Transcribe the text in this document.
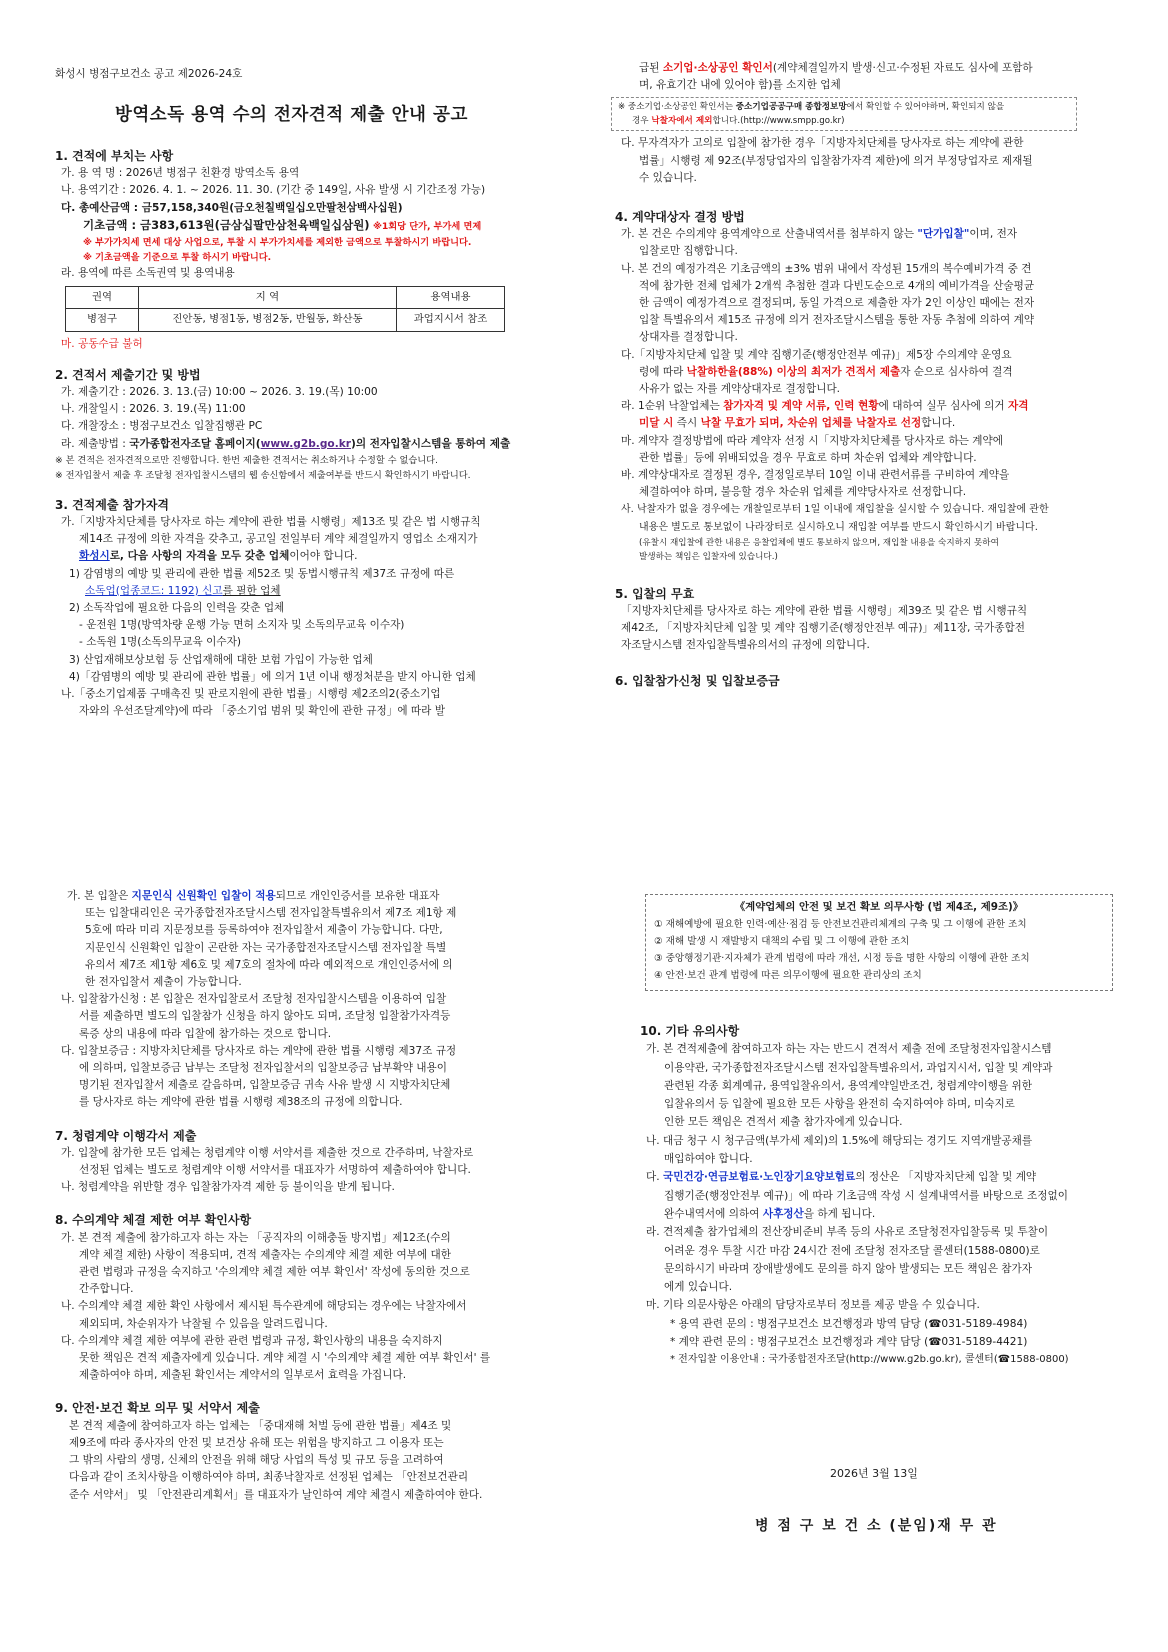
화성시 병점구보건소 공고 제2026-24호
방역소독 용역 수의 전자견적 제출 안내 공고

1. 견적에 부치는 사항

가. 용 역 명 : 2026년 병점구 친환경 방역소독 용역

나. 용역기간 : 2026. 4. 1. ~ 2026. 11. 30. (기간 중 149일, 사유 발생 시 기간조정 가능)

다. 총예산금액 : 금57,158,340원(금오천칠백일십오만팔천삼백사십원)

기초금액 : 금383,613원(금삼십팔만삼천육백일십삼원) ※1회당 단가, 부가세 면제

※ 부가가치세 면세 대상 사업으로, 투찰 시 부가가치세를 제외한 금액으로 투찰하시기 바랍니다.

※ 기초금액을 기준으로 투찰 하시기 바랍니다.

라. 용역에 따른 소독권역 및 용역내용

권역	지 역	용역내용
병점구	진안동, 병점1동, 병점2동, 반월동, 화산동	과업지시서 참조

마. 공동수급 불허

2. 견적서 제출기간 및 방법

가. 제출기간 : 2026. 3. 13.(금) 10:00 ~ 2026. 3. 19.(목) 10:00

나. 개찰일시 : 2026. 3. 19.(목) 11:00

다. 개찰장소 : 병점구보건소 입찰집행관 PC

라. 제출방법 : 국가종합전자조달 홈페이지(www.g2b.go.kr)의 전자입찰시스템을 통하여 제출

※ 본 견적은 전자견적으로만 진행합니다. 한번 제출한 견적서는 취소하거나 수정할 수 없습니다.

※ 전자입찰서 제출 후 조달청 전자입찰시스템의 웹 송신함에서 제출여부를 반드시 확인하시기 바랍니다.

3. 견적제출 참가자격

가.「지방자치단체를 당사자로 하는 계약에 관한 법률 시행령」제13조 및 같은 법 시행규칙

제14조 규정에 의한 자격을 갖추고, 공고일 전일부터 계약 체결일까지 영업소 소재지가

화성시로, 다음 사항의 자격을 모두 갖춘 업체이어야 합니다.

1) 감염병의 예방 및 관리에 관한 법률 제52조 및 동법시행규칙 제37조 규정에 따른

소독업(업종코드: 1192) 신고를 필한 업체

2) 소독작업에 필요한 다음의 인력을 갖춘 업체

- 운전원 1명(방역차량 운행 가능 면허 소지자 및 소독의무교육 이수자)

- 소독원 1명(소독의무교육 이수자)

3) 산업재해보상보험 등 산업재해에 대한 보험 가입이 가능한 업체

4)「감염병의 예방 및 관리에 관한 법률」에 의거 1년 이내 행정처분을 받지 아니한 업체

나.「중소기업제품 구매촉진 및 판로지원에 관한 법률」시행령 제2조의2(중소기업

자와의 우선조달계약)에 따라 「중소기업 범위 및 확인에 관한 규정」에 따라 발

급된 소기업·소상공인 확인서(계약체결일까지 발생·신고·수정된 자료도 심사에 포함하

며, 유효기간 내에 있어야 함)를 소지한 업체

※ 중소기업·소상공인 확인서는 중소기업공공구매 종합정보망에서 확인할 수 있어야하며, 확인되지 않을
경우 낙찰자에서 제외합니다.(http://www.smpp.go.kr)

다. 무자격자가 고의로 입찰에 참가한 경우「지방자치단체를 당사자로 하는 계약에 관한

법률」시행령 제 92조(부정당업자의 입찰참가자격 제한)에 의거 부정당업자로 제재될

수 있습니다.

4. 계약대상자 결정 방법

가. 본 건은 수의계약 용역계약으로 산출내역서를 첨부하지 않는 "단가입찰"이며, 전자

입찰로만 집행합니다.

나. 본 건의 예정가격은 기초금액의 ±3% 범위 내에서 작성된 15개의 복수예비가격 중 견

적에 참가한 전체 업체가 2개씩 추첨한 결과 다빈도순으로 4개의 예비가격을 산술평균

한 금액이 예정가격으로 결정되며, 동일 가격으로 제출한 자가 2인 이상인 때에는 전자

입찰 특별유의서 제15조 규정에 의거 전자조달시스템을 통한 자동 추첨에 의하여 계약

상대자를 결정합니다.

다.「지방자치단체 입찰 및 계약 집행기준(행정안전부 예규)」제5장 수의계약 운영요

령에 따라 낙찰하한율(88%) 이상의 최저가 견적서 제출자 순으로 심사하여 결격

사유가 없는 자를 계약상대자로 결정합니다.

라. 1순위 낙찰업체는 참가자격 및 계약 서류, 인력 현황에 대하여 실무 심사에 의거 자격

미달 시 즉시 낙찰 무효가 되며, 차순위 업체를 낙찰자로 선정합니다.

마. 계약자 결정방법에 따라 계약자 선정 시「지방자치단체를 당사자로 하는 계약에

관한 법률」등에 위배되었을 경우 무효로 하며 차순위 업체와 계약합니다.

바. 계약상대자로 결정된 경우, 결정일로부터 10일 이내 관련서류를 구비하여 계약을

체결하여야 하며, 불응할 경우 차순위 업체를 계약당사자로 선정합니다.

사. 낙찰자가 없을 경우에는 개찰일로부터 1일 이내에 재입찰을 실시할 수 있습니다. 재입찰에 관한

내용은 별도로 통보없이 나라장터로 실시하오니 재입찰 여부를 반드시 확인하시기 바랍니다.

(유찰시 재입찰에 관한 내용은 응찰업체에 별도 통보하지 않으며, 재입찰 내용을 숙지하지 못하여

발생하는 책임은 입찰자에 있습니다.)

5. 입찰의 무효

「지방자치단체를 당사자로 하는 계약에 관한 법률 시행령」제39조 및 같은 법 시행규칙

제42조, 「지방자치단체 입찰 및 계약 집행기준(행정안전부 예규)」제11장, 국가종합전

자조달시스템 전자입찰특별유의서의 규정에 의합니다.

6. 입찰참가신청 및 입찰보증금

가. 본 입찰은 지문인식 신원확인 입찰이 적용되므로 개인인증서를 보유한 대표자

또는 입찰대리인은 국가종합전자조달시스템 전자입찰특별유의서 제7조 제1항 제

5호에 따라 미리 지문정보를 등록하여야 전자입찰서 제출이 가능합니다. 다만,

지문인식 신원확인 입찰이 곤란한 자는 국가종합전자조달시스템 전자입찰 특별

유의서 제7조 제1항 제6호 및 제7호의 절차에 따라 예외적으로 개인인증서에 의

한 전자입찰서 제출이 가능합니다.

나. 입찰참가신청 : 본 입찰은 전자입찰로서 조달청 전자입찰시스템을 이용하여 입찰

서를 제출하면 별도의 입찰참가 신청을 하지 않아도 되며, 조달청 입찰참가자격등

록증 상의 내용에 따라 입찰에 참가하는 것으로 합니다.

다. 입찰보증금 : 지방자치단체를 당사자로 하는 계약에 관한 법률 시행령 제37조 규정

에 의하며, 입찰보증금 납부는 조달청 전자입찰서의 입찰보증금 납부확약 내용이

명기된 전자입찰서 제출로 갈음하며, 입찰보증금 귀속 사유 발생 시 지방자치단체

를 당사자로 하는 계약에 관한 법률 시행령 제38조의 규정에 의합니다.

7. 청렴계약 이행각서 제출

가. 입찰에 참가한 모든 업체는 청렴계약 이행 서약서를 제출한 것으로 간주하며, 낙찰자로

선정된 업체는 별도로 청렴계약 이행 서약서를 대표자가 서명하여 제출하여야 합니다.

나. 청렴계약을 위반할 경우 입찰참가자격 제한 등 불이익을 받게 됩니다.

8. 수의계약 체결 제한 여부 확인사항

가. 본 견적 제출에 참가하고자 하는 자는 「공직자의 이해충돌 방지법」제12조(수의

계약 체결 제한) 사항이 적용되며, 견적 제출자는 수의계약 체결 제한 여부에 대한

관련 법령과 규정을 숙지하고 '수의계약 체결 제한 여부 확인서' 작성에 동의한 것으로

간주합니다.

나. 수의계약 체결 제한 확인 사항에서 제시된 특수관계에 해당되는 경우에는 낙찰자에서

제외되며, 차순위자가 낙찰될 수 있음을 알려드립니다.

다. 수의계약 체결 제한 여부에 관한 관련 법령과 규정, 확인사항의 내용을 숙지하지

못한 책임은 견적 제출자에게 있습니다. 계약 체결 시 '수의계약 체결 제한 여부 확인서' 를

제출하여야 하며, 제출된 확인서는 계약서의 일부로서 효력을 가집니다.

9. 안전·보건 확보 의무 및 서약서 제출

본 견적 제출에 참여하고자 하는 업체는 「중대재해 처벌 등에 관한 법률」제4조 및

제9조에 따라 종사자의 안전 및 보건상 유해 또는 위험을 방지하고 그 이용자 또는

그 밖의 사람의 생명, 신체의 안전을 위해 해당 사업의 특성 및 규모 등을 고려하여

다음과 같이 조치사항을 이행하여야 하며, 최종낙찰자로 선정된 업체는 「안전보건관리

준수 서약서」 및 「안전관리계획서」를 대표자가 날인하여 계약 체결시 제출하여야 한다.

《계약업체의 안전 및 보건 확보 의무사항 (법 제4조, 제9조)》
① 재해예방에 필요한 인력·예산·점검 등 안전보건관리체계의 구축 및 그 이행에 관한 조치
② 재해 발생 시 재발방지 대책의 수립 및 그 이행에 관한 조치
③ 중앙행정기관·지자체가 관계 법령에 따라 개선, 시정 등을 명한 사항의 이행에 관한 조치
④ 안전·보건 관계 법령에 따른 의무이행에 필요한 관리상의 조치

10. 기타 유의사항

가. 본 견적제출에 참여하고자 하는 자는 반드시 견적서 제출 전에 조달청전자입찰시스템

이용약관, 국가종합전자조달시스템 전자입찰특별유의서, 과업지시서, 입찰 및 계약과

관련된 각종 회계예규, 용역입찰유의서, 용역계약일반조건, 청렴계약이행을 위한

입찰유의서 등 입찰에 필요한 모든 사항을 완전히 숙지하여야 하며, 미숙지로

인한 모든 책임은 견적서 제출 참가자에게 있습니다.

나. 대금 청구 시 청구금액(부가세 제외)의 1.5%에 해당되는 경기도 지역개발공채를

매입하여야 합니다.

다. 국민건강·연금보험료·노인장기요양보험료의 정산은 「지방자치단체 입찰 및 계약

집행기준(행정안전부 예규)」에 따라 기초금액 작성 시 설계내역서를 바탕으로 조정없이

완수내역서에 의하여 사후정산을 하게 됩니다.

라. 견적제출 참가업체의 전산장비준비 부족 등의 사유로 조달청전자입찰등록 및 투찰이

어려운 경우 투찰 시간 마감 24시간 전에 조달청 전자조달 콜센터(1588-0800)로

문의하시기 바라며 장애발생에도 문의를 하지 않아 발생되는 모든 책임은 참가자

에게 있습니다.

마. 기타 의문사항은 아래의 담당자로부터 정보를 제공 받을 수 있습니다.

* 용역 관련 문의 : 병점구보건소 보건행정과 방역 담당 (☎031-5189-4984)

* 계약 관련 문의 : 병점구보건소 보건행정과 계약 담당 (☎031-5189-4421)

* 전자입찰 이용안내 : 국가종합전자조달(http://www.g2b.go.kr), 콜센터(☎1588-0800)

2026년 3월 13일
병 점 구 보 건 소 (분임)재 무 관
